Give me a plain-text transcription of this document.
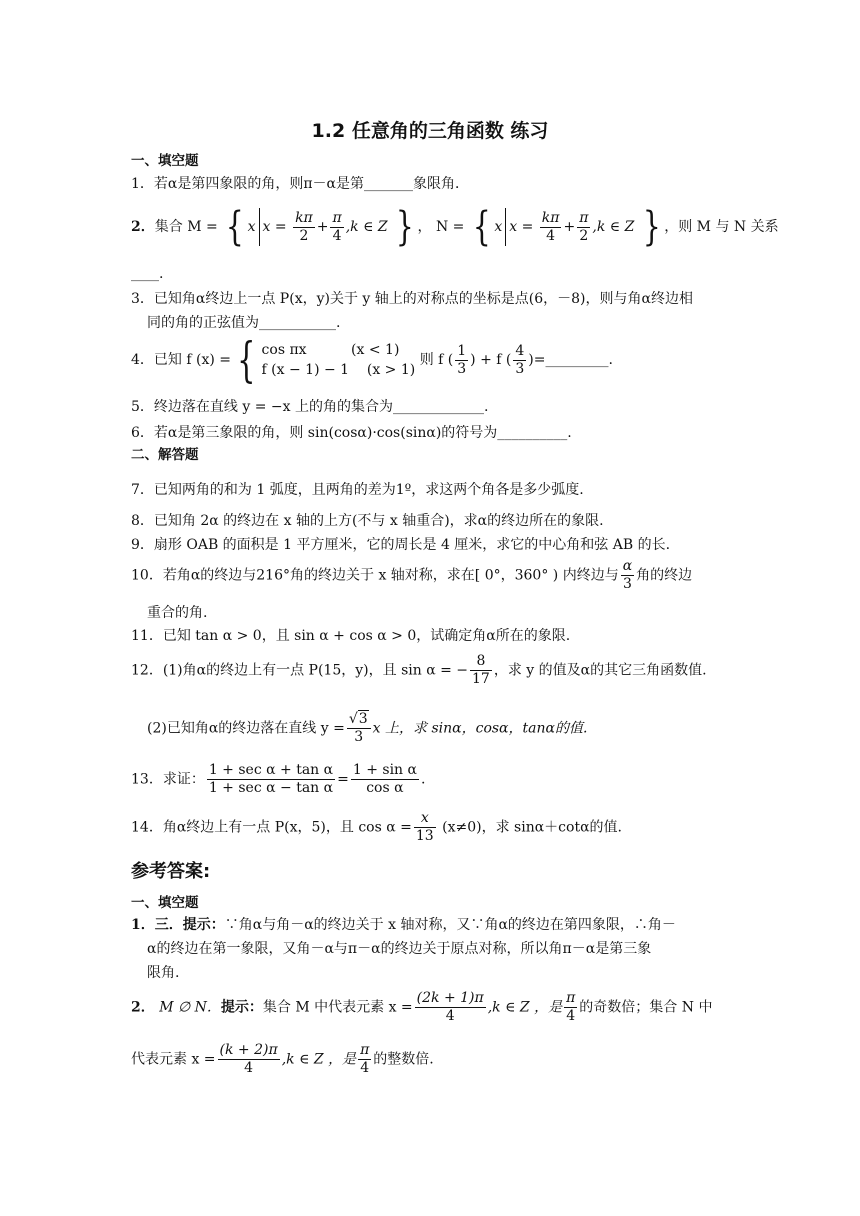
1.2 任意角的三角函数 练习
一、填空题
1．若α是第四象限的角，则π－α是第_______象限角．
2．集合 M = { x $x = \frac{k\pi}{2} + \frac{\pi}{4} ,k$ ∈ Z } ， N = { x $x = \frac{k\pi}{4} + \frac{\pi}{2} ,k$ ∈ Z } ，则 M 与 N 关系
____.
3．已知角α终边上一点 P(x，y)关于 y 轴上的对称点的坐标是点(6，－8)，则与角α终边相
同的角的正弦值为___________.
4．已知 f (x) = { cos πx          (x < 1)
f (x − 1) − 1    (x > 1)
则 f ( $\frac{1}{3}$ ) + f ( $\frac{4}{3}$ )=_________.
5．终边落在直线 y = −x 上的角的集合为_____________.
6．若α是第三象限的角，则 sin(cosα)·cos(sinα)的符号为__________.
二、解答题
7．已知两角的和为 1 弧度，且两角的差为1º，求这两个角各是多少弧度.
8．已知角 2α 的终边在 x 轴的上方(不与 x 轴重合)，求α的终边所在的象限.
9．扇形 OAB 的面积是 1 平方厘米，它的周长是 4 厘米，求它的中心角和弦 AB 的长.
10．若角α的终边与216°角的终边关于 x 轴对称，求在[ 0°，360° ) 内终边与 $\frac{\alpha}{3}$ 角的终边
重合的角.
11．已知 tan α > 0，且 sin α + cos α > 0，试确定角α所在的象限.
12．(1)角α的终边上有一点 P(15，y)，且 sin α = − $\frac{8}{17}$ ，求 y 的值及α的其它三角函数值.
(2)已知角α的终边落在直线 $y = \frac{√3}{3}$ x 上，求 sinα，cosα，tanα的值.
13．求证： $\frac{\text{1 + sec α + tan α}}{\text{1 + sec α − tan α}} = \frac{\text{1 + sin α}}{\text{cos α}}$ .
14．角α终边上有一点 P(x，5)，且 $\cos \alpha = \frac{x}{13} (x\ne 0)$，求 sinα＋cotα的值.
参考答案:
一、填空题
1．三．提示：∵角α与角－α的终边关于 x 轴对称，又∵角α的终边在第四象限，∴角－
α的终边在第一象限，又角－α与π－α的终边关于原点对称，所以角π－α是第三象
限角.
2． M ∅ N．提示：集合 M 中代表元素 $x = \frac{(2k + 1)\pi}{4} ,k$ ∈ Z ，是 $\frac{\pi}{4}$ 的奇数倍；集合 N 中
代表元素 $x = \frac{(k + 2)\pi}{4} ,k$ ∈ Z ，是 $\frac{\pi}{4}$ 的整数倍.
